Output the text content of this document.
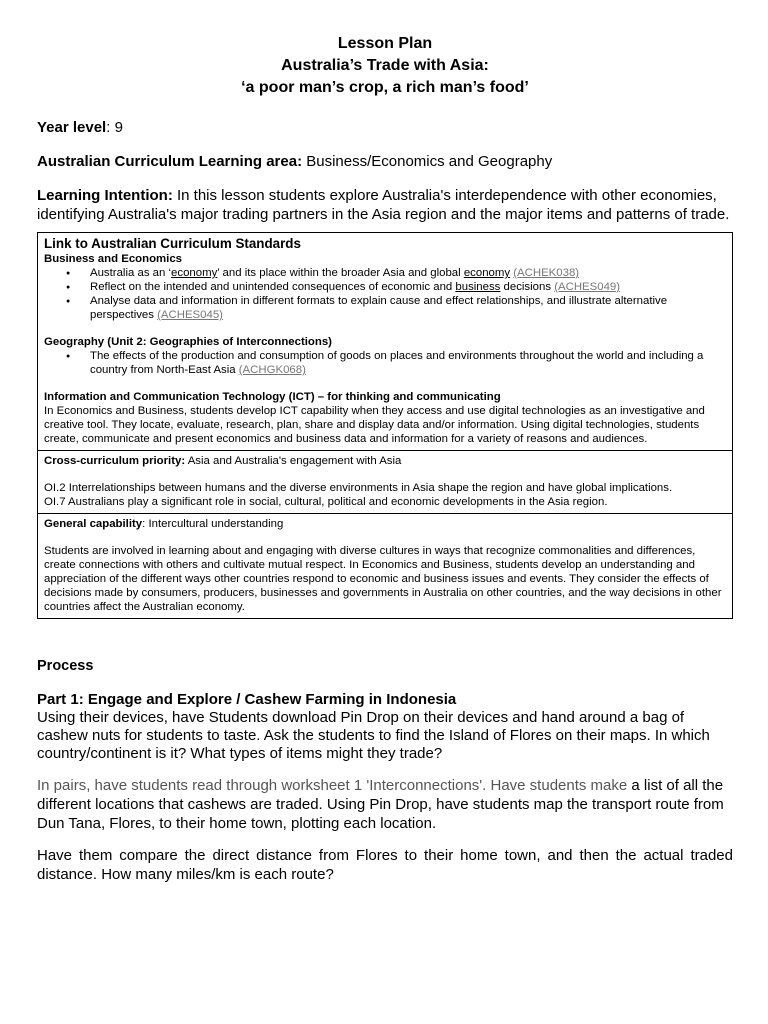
Lesson Plan

Australia’s Trade with Asia:

‘a poor man’s crop, a rich man’s food’

Year level: 9

Australian Curriculum Learning area: Business/Economics and Geography

Learning Intention: In this lesson students explore Australia's interdependence with other economies, identifying Australia's major trading partners in the Asia region and the major items and patterns of trade.

Link to Australian Curriculum Standards
Business and Economics
● Australia as an ‘economy’ and its place within the broader Asia and global economy (ACHEK038)
● Reflect on the intended and unintended consequences of economic and business decisions (ACHES049)
● Analyse data and information in different formats to explain cause and effect relationships, and illustrate alternative perspectives (ACHES045)
Geography (Unit 2: Geographies of Interconnections)
● The effects of the production and consumption of goods on places and environments throughout the world and including a country from North-East Asia (ACHGK068)
Information and Communication Technology (ICT) – for thinking and communicating
In Economics and Business, students develop ICT capability when they access and use digital technologies as an investigative and creative tool. They locate, evaluate, research, plan, share and display data and/or information. Using digital technologies, students create, communicate and present economics and business data and information for a variety of reasons and audiences.
Cross-curriculum priority: Asia and Australia's engagement with Asia
OI.2 Interrelationships between humans and the diverse environments in Asia shape the region and have global implications.
OI.7 Australians play a significant role in social, cultural, political and economic developments in the Asia region.
General capability: Intercultural understanding
Students are involved in learning about and engaging with diverse cultures in ways that recognize commonalities and differences, create connections with others and cultivate mutual respect. In Economics and Business, students develop an understanding and appreciation of the different ways other countries respond to economic and business issues and events. They consider the effects of decisions made by consumers, producers, businesses and governments in Australia on other countries, and the way decisions in other countries affect the Australian economy.

Process

Part 1: Engage and Explore / Cashew Farming in Indonesia
Using their devices, have Students download Pin Drop on their devices and hand around a bag of cashew nuts for students to taste. Ask the students to find the Island of Flores on their maps. In which country/continent is it? What types of items might they trade?

In pairs, have students read through worksheet 1 'Interconnections'. Have students make a list of all the different locations that cashews are traded. Using Pin Drop, have students map the transport route from Dun Tana, Flores, to their home town, plotting each location.

Have them compare the direct distance from Flores to their home town, and then the actual traded distance. How many miles/km is each route?
